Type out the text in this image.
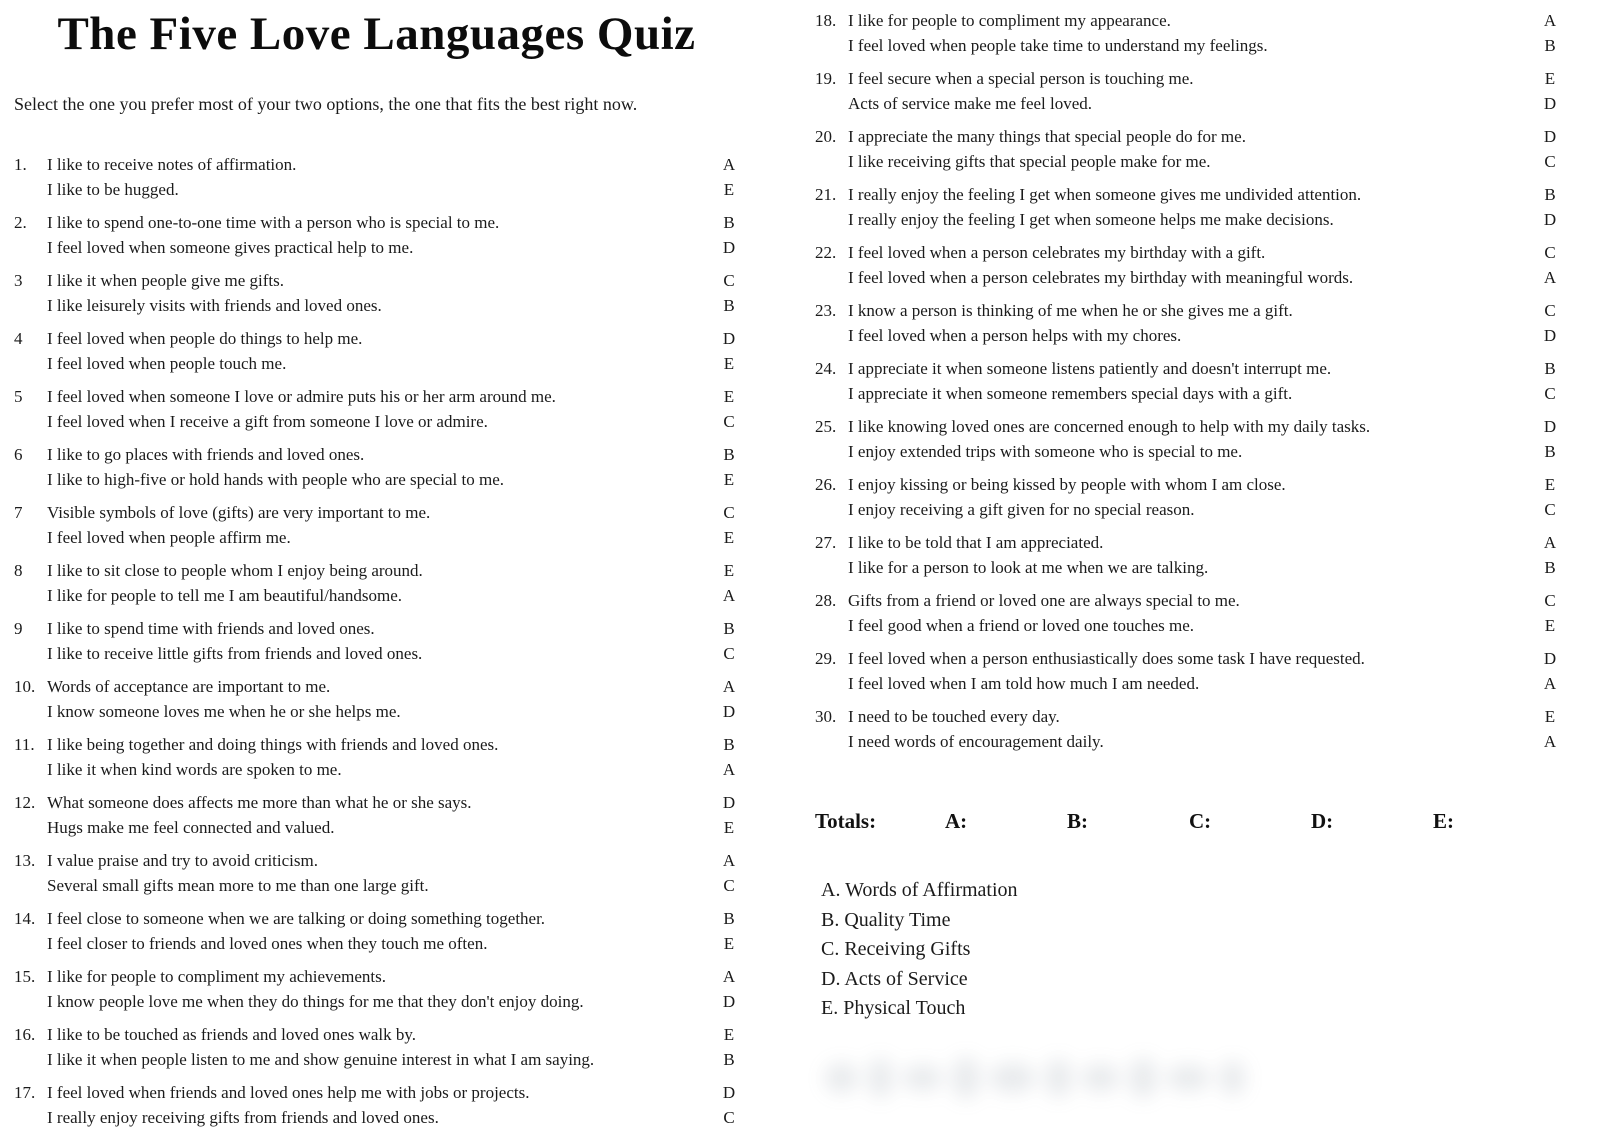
The Five Love Languages Quiz

Select the one you prefer most of your two options, the one that fits the best right now.

1.	I like to receive notes of affirmation.	A
I like to be hugged.	E
2.	I like to spend one-to-one time with a person who is special to me.	B
I feel loved when someone gives practical help to me.	D
3	I like it when people give me gifts.	C
I like leisurely visits with friends and loved ones.	B
4	I feel loved when people do things to help me.	D
I feel loved when people touch me.	E
5	I feel loved when someone I love or admire puts his or her arm around me.	E
I feel loved when I receive a gift from someone I love or admire.	C
6	I like to go places with friends and loved ones.	B
I like to high-five or hold hands with people who are special to me.	E
7	Visible symbols of love (gifts) are very important to me.	C
I feel loved when people affirm me.	E
8	I like to sit close to people whom I enjoy being around.	E
I like for people to tell me I am beautiful/handsome.	A
9	I like to spend time with friends and loved ones.	B
I like to receive little gifts from friends and loved ones.	C
10. Words of acceptance are important to me.	A
I know someone loves me when he or she helps me.	D
11. I like being together and doing things with friends and loved ones.	B
I like it when kind words are spoken to me.	A
12. What someone does affects me more than what he or she says.	D
Hugs make me feel connected and valued.	E
13. I value praise and try to avoid criticism.	A
Several small gifts mean more to me than one large gift.	C
14. I feel close to someone when we are talking or doing something together.	B
I feel closer to friends and loved ones when they touch me often.	E
15. I like for people to compliment my achievements.	A
I know people love me when they do things for me that they don't enjoy doing.	D
16. I like to be touched as friends and loved ones walk by.	E
I like it when people listen to me and show genuine interest in what I am saying.	B
17. I feel loved when friends and loved ones help me with jobs or projects.	D
I really enjoy receiving gifts from friends and loved ones.	C
18. I like for people to compliment my appearance.	A
I feel loved when people take time to understand my feelings.	B
19. I feel secure when a special person is touching me.	E
Acts of service make me feel loved.	D
20. I appreciate the many things that special people do for me.	D
I like receiving gifts that special people make for me.	C
21. I really enjoy the feeling I get when someone gives me undivided attention.	B
I really enjoy the feeling I get when someone helps me make decisions.	D
22. I feel loved when a person celebrates my birthday with a gift.	C
I feel loved when a person celebrates my birthday with meaningful words.	A
23. I know a person is thinking of me when he or she gives me a gift.	C
I feel loved when a person helps with my chores.	D
24. I appreciate it when someone listens patiently and doesn't interrupt me.	B
I appreciate it when someone remembers special days with a gift.	C
25. I like knowing loved ones are concerned enough to help with my daily tasks.	D
I enjoy extended trips with someone who is special to me.	B
26. I enjoy kissing or being kissed by people with whom I am close.	E
I enjoy receiving a gift given for no special reason.	C
27. I like to be told that I am appreciated.	A
I like for a person to look at me when we are talking.	B
28. Gifts from a friend or loved one are always special to me.	C
I feel good when a friend or loved one touches me.	E
29. I feel loved when a person enthusiastically does some task I have requested.	D
I feel loved when I am told how much I am needed.	A
30. I need to be touched every day.	E
I need words of encouragement daily.	A
Totals:	A:	B:	C:	D:	E:
A. Words of Affirmation
B. Quality Time
C. Receiving Gifts
D. Acts of Service
E. Physical Touch
